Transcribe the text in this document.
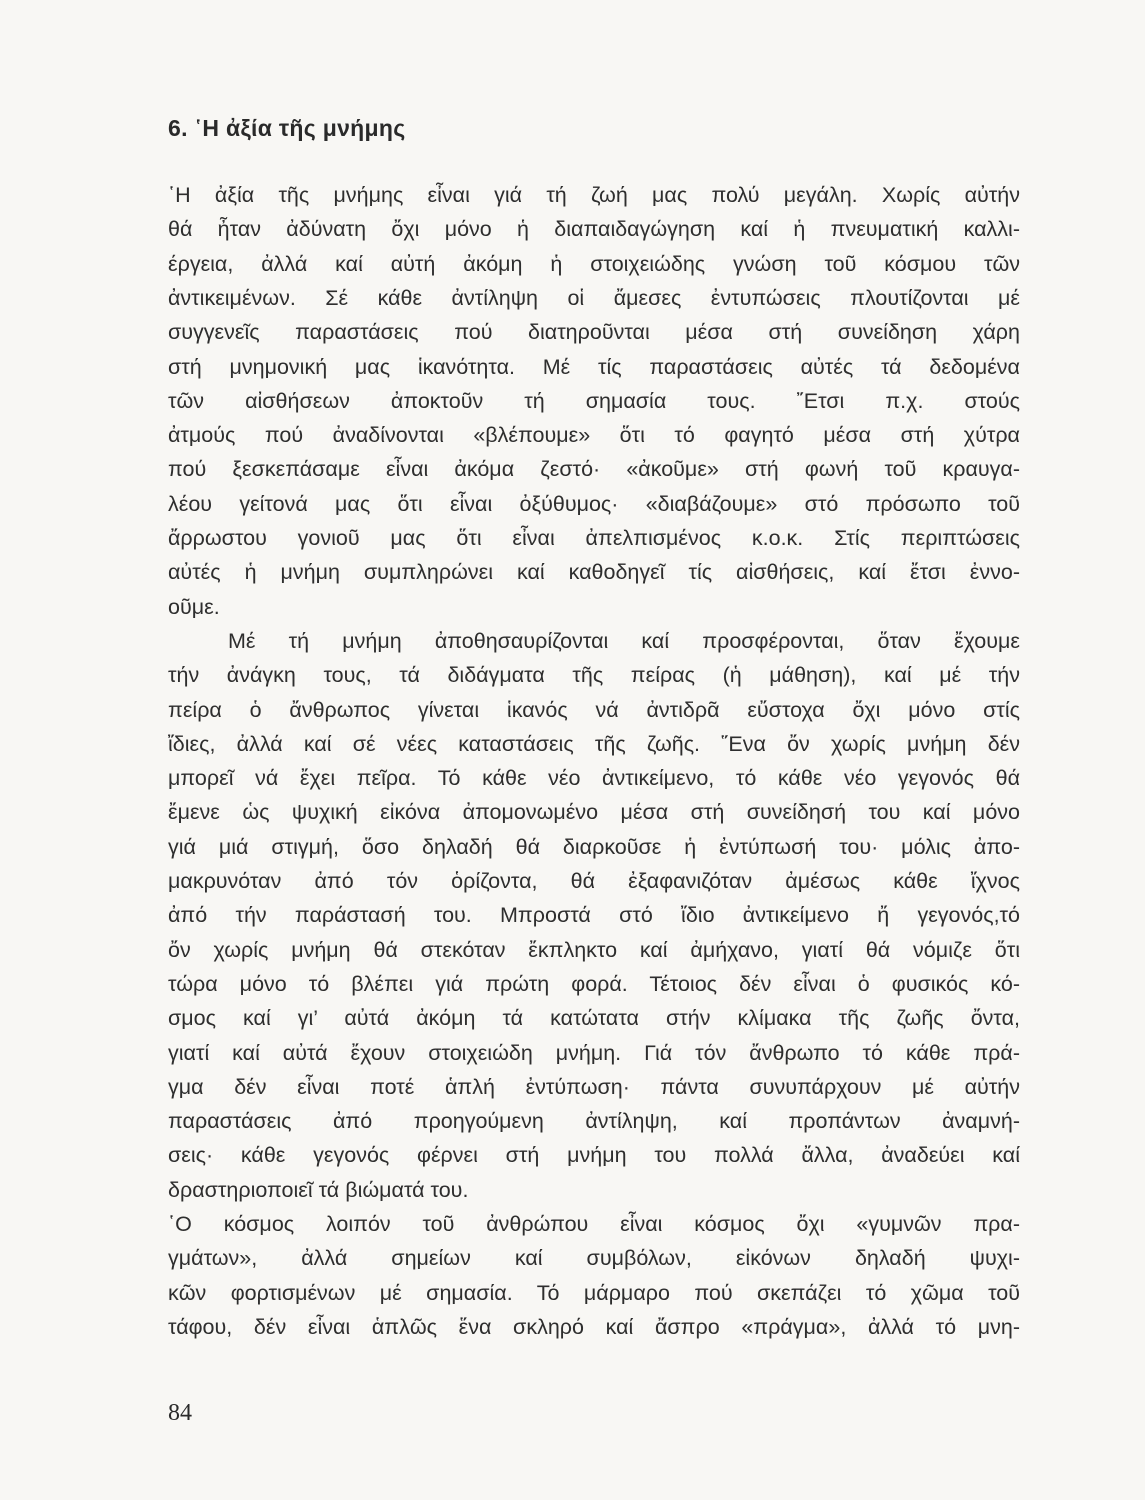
6. ῾Η ἀξία τῆς μνήμης
῾Η ἀξία τῆς μνήμης εἶναι γιά τή ζωή μας πολύ μεγάλη. Χωρίς αὐτήν
θά ἦταν ἀδύνατη ὄχι μόνο ἡ διαπαιδαγώγηση καί ἡ πνευματική καλλι-
έργεια, ἀλλά καί αὐτή ἀκόμη ἡ στοιχειώδης γνώση τοῦ κόσμου τῶν
ἀντικειμένων. Σέ κάθε ἀντίληψη οἱ ἄμεσες ἐντυπώσεις πλουτίζονται μέ
συγγενεῖς παραστάσεις πού διατηροῦνται μέσα στή συνείδηση χάρη
στή μνημονική μας ἱκανότητα. Μέ τίς παραστάσεις αὐτές τά δεδομένα
τῶν αἰσθήσεων ἀποκτοῦν τή σημασία τους. ῎Ετσι π.χ. στούς
ἀτμούς πού ἀναδίνονται «βλέπουμε» ὅτι τό φαγητό μέσα στή χύτρα
πού ξεσκεπάσαμε εἶναι ἀκόμα ζεστό· «ἀκοῦμε» στή φωνή τοῦ κραυγα-
λέου γείτονά μας ὅτι εἶναι ὀξύθυμος· «διαβάζουμε» στό πρόσωπο τοῦ
ἄρρωστου γονιοῦ μας ὅτι εἶναι ἀπελπισμένος κ.ο.κ. Στίς περιπτώσεις
αὐτές ἡ μνήμη συμπληρώνει καί καθοδηγεῖ τίς αἰσθήσεις, καί ἔτσι ἐννο-
οῦμε.
Μέ τή μνήμη ἀποθησαυρίζονται καί προσφέρονται, ὅταν ἔχουμε
τήν ἀνάγκη τους, τά διδάγματα τῆς πείρας (ἡ μάθηση), καί μέ τήν
πείρα ὁ ἄνθρωπος γίνεται ἱκανός νά ἀντιδρᾶ εὔστοχα ὄχι μόνο στίς
ἴδιες, ἀλλά καί σέ νέες καταστάσεις τῆς ζωῆς. ῞Ενα ὄν χωρίς μνήμη δέν
μπορεῖ νά ἔχει πεῖρα. Τό κάθε νέο ἀντικείμενο, τό κάθε νέο γεγονός θά
ἔμενε ὡς ψυχική εἰκόνα ἀπομονωμένο μέσα στή συνείδησή του καί μόνο
γιά μιά στιγμή, ὅσο δηλαδή θά διαρκοῦσε ἡ ἐντύπωσή του· μόλις ἀπο-
μακρυνόταν ἀπό τόν ὁρίζοντα, θά ἐξαφανιζόταν ἀμέσως κάθε ἴχνος
ἀπό τήν παράστασή του. Μπροστά στό ἴδιο ἀντικείμενο ἤ γεγονός,τό
ὄν χωρίς μνήμη θά στεκόταν ἔκπληκτο καί ἀμήχανο, γιατί θά νόμιζε ὅτι
τώρα μόνο τό βλέπει γιά πρώτη φορά. Τέτοιος δέν εἶναι ὁ φυσικός κό-
σμος καί γι’ αὐτά ἀκόμη τά κατώτατα στήν κλίμακα τῆς ζωῆς ὄντα,
γιατί καί αὐτά ἔχουν στοιχειώδη μνήμη. Γιά τόν ἄνθρωπο τό κάθε πρά-
γμα δέν εἶναι ποτέ ἁπλή ἐντύπωση· πάντα συνυπάρχουν μέ αὐτήν
παραστάσεις ἀπό προηγούμενη ἀντίληψη, καί προπάντων ἀναμνή-
σεις· κάθε γεγονός φέρνει στή μνήμη του πολλά ἄλλα, ἀναδεύει καί
δραστηριοποιεῖ τά βιώματά του.
῾Ο κόσμος λοιπόν τοῦ ἀνθρώπου εἶναι κόσμος ὄχι «γυμνῶν πρα-
γμάτων», ἀλλά σημείων καί συμβόλων, εἰκόνων δηλαδή ψυχι-
κῶν φορτισμένων μέ σημασία. Τό μάρμαρο πού σκεπάζει τό χῶμα τοῦ
τάφου, δέν εἶναι ἁπλῶς ἕνα σκληρό καί ἄσπρο «πράγμα», ἀλλά τό μνη-
84
